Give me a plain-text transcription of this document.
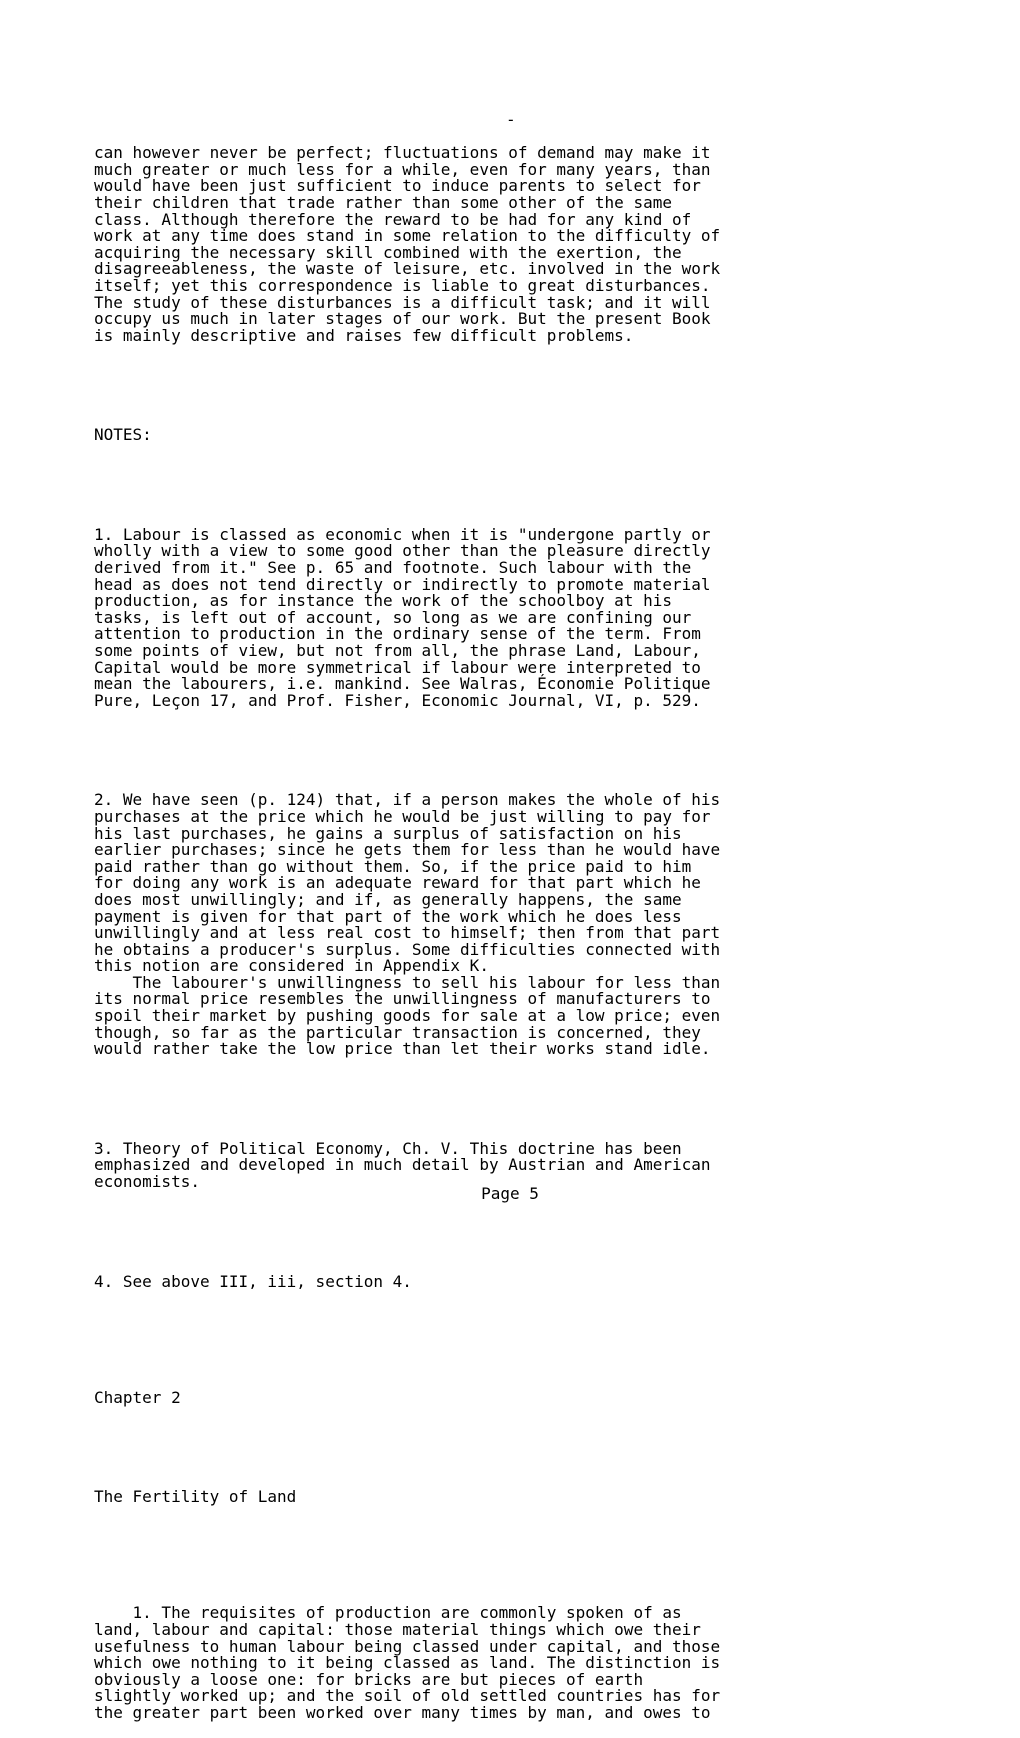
-

can however never be perfect; fluctuations of demand may make it
much greater or much less for a while, even for many years, than
would have been just sufficient to induce parents to select for
their children that trade rather than some other of the same
class. Although therefore the reward to be had for any kind of
work at any time does stand in some relation to the difficulty of
acquiring the necessary skill combined with the exertion, the
disagreeableness, the waste of leisure, etc. involved in the work
itself; yet this correspondence is liable to great disturbances.
The study of these disturbances is a difficult task; and it will
occupy us much in later stages of our work. But the present Book
is mainly descriptive and raises few difficult problems.

NOTES:

1. Labour is classed as economic when it is "undergone partly or
wholly with a view to some good other than the pleasure directly
derived from it." See p. 65 and footnote. Such labour with the
head as does not tend directly or indirectly to promote material
production, as for instance the work of the schoolboy at his
tasks, is left out of account, so long as we are confining our
attention to production in the ordinary sense of the term. From
some points of view, but not from all, the phrase Land, Labour,
Capital would be more symmetrical if labour were interpreted to
mean the labourers, i.e. mankind. See Walras, Économie Politique
Pure, Leçon 17, and Prof. Fisher, Economic Journal, VI, p. 529.

2. We have seen (p. 124) that, if a person makes the whole of his
purchases at the price which he would be just willing to pay for
his last purchases, he gains a surplus of satisfaction on his
earlier purchases; since he gets them for less than he would have
paid rather than go without them. So, if the price paid to him
for doing any work is an adequate reward for that part which he
does most unwillingly; and if, as generally happens, the same
payment is given for that part of the work which he does less
unwillingly and at less real cost to himself; then from that part
he obtains a producer's surplus. Some difficulties connected with
this notion are considered in Appendix K.
The labourer's unwillingness to sell his labour for less than
its normal price resembles the unwillingness of manufacturers to
spoil their market by pushing goods for sale at a low price; even
though, so far as the particular transaction is concerned, they
would rather take the low price than let their works stand idle.

3. Theory of Political Economy, Ch. V. This doctrine has been
emphasized and developed in much detail by Austrian and American
economists.

4. See above III, iii, section 4.

Chapter 2

The Fertility of Land

1. The requisites of production are commonly spoken of as
land, labour and capital: those material things which owe their
usefulness to human labour being classed under capital, and those
which owe nothing to it being classed as land. The distinction is
obviously a loose one: for bricks are but pieces of earth
slightly worked up; and the soil of old settled countries has for
the greater part been worked over many times by man, and owes to

Page 5
